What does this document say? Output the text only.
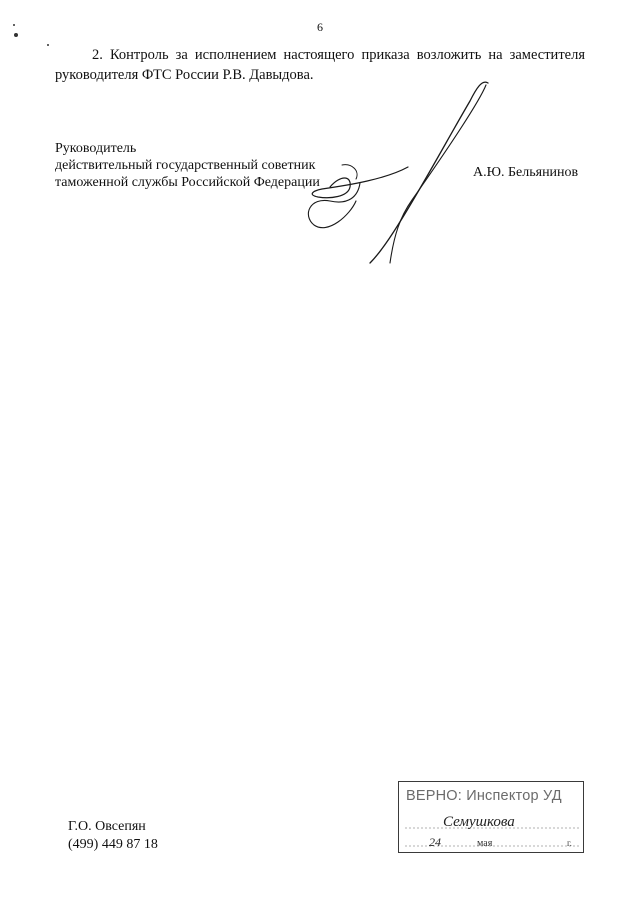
6

2. Контроль за исполнением настоящего приказа возложить на заместителя руководителя ФТС России Р.В. Давыдова.

Руководитель
действительный государственный советник
таможенной службы Российской Федерации
А.Ю. Бельянинов
Г.О. Овсепян
(499) 449 87 18
ВЕРНО: Инспектор УД
мая	г.
24
Семушкова
